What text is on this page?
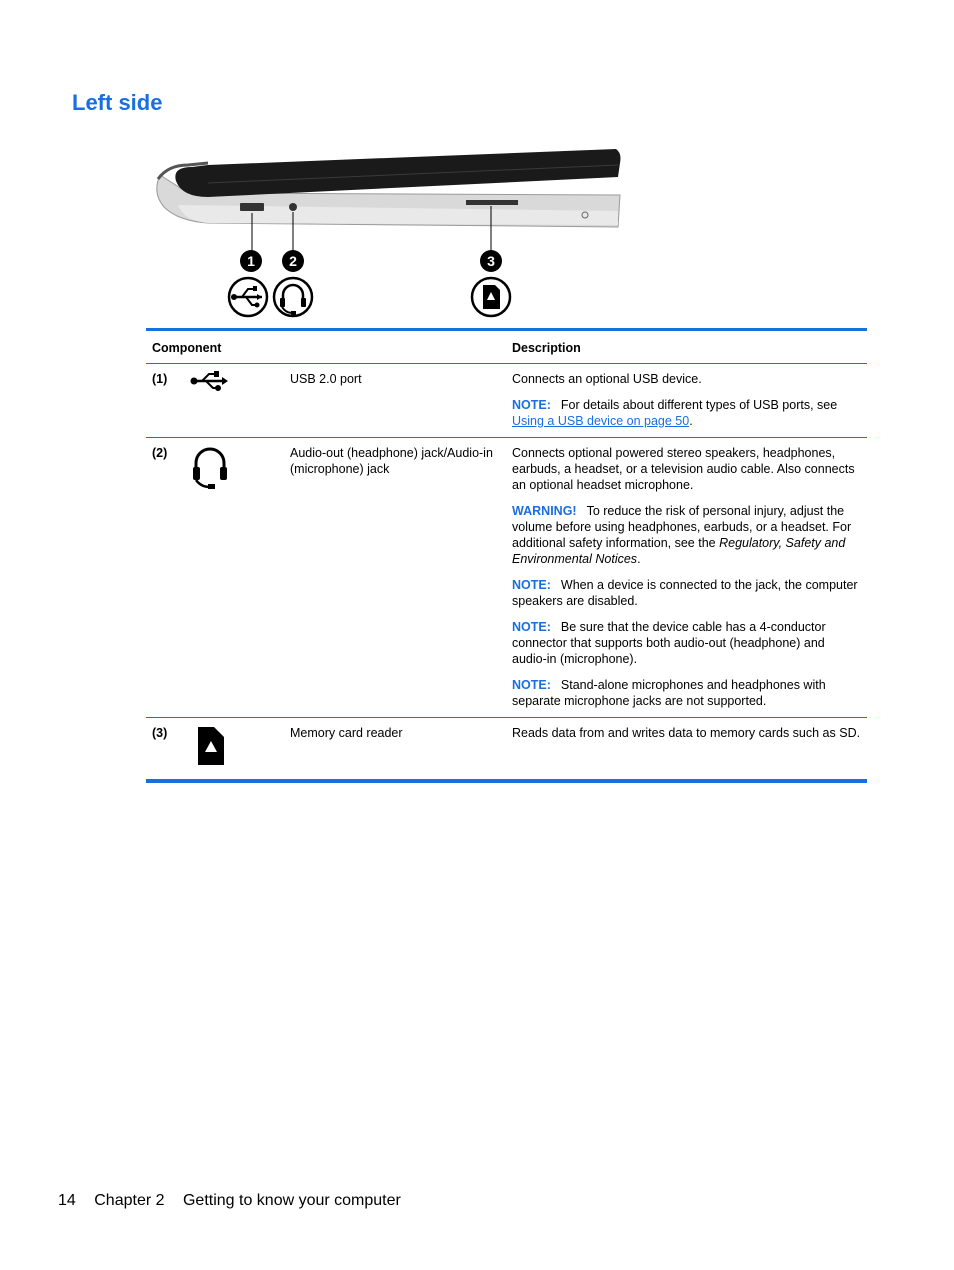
Left side
1 2	3
Component			Description
(1)		USB 2.0 port	Connects an optional USB device.

NOTE: For details about different types of USB ports, see Using a USB device on page 50.

(2)		Audio-out (headphone) jack/Audio-in (microphone) jack	Connects optional powered stereo speakers, headphones, earbuds, a headset, or a television audio cable. Also connects an optional headset microphone.

WARNING! To reduce the risk of personal injury, adjust the volume before using headphones, earbuds, or a headset. For additional safety information, see the Regulatory, Safety and Environmental Notices.

NOTE: When a device is connected to the jack, the computer speakers are disabled.

NOTE: Be sure that the device cable has a 4-conductor connector that supports both audio-out (headphone) and audio-in (microphone).

NOTE: Stand-alone microphones and headphones with separate microphone jacks are not supported.

(3)		Memory card reader	Reads data from and writes data to memory cards such as SD.

14 Chapter 2 Getting to know your computer
